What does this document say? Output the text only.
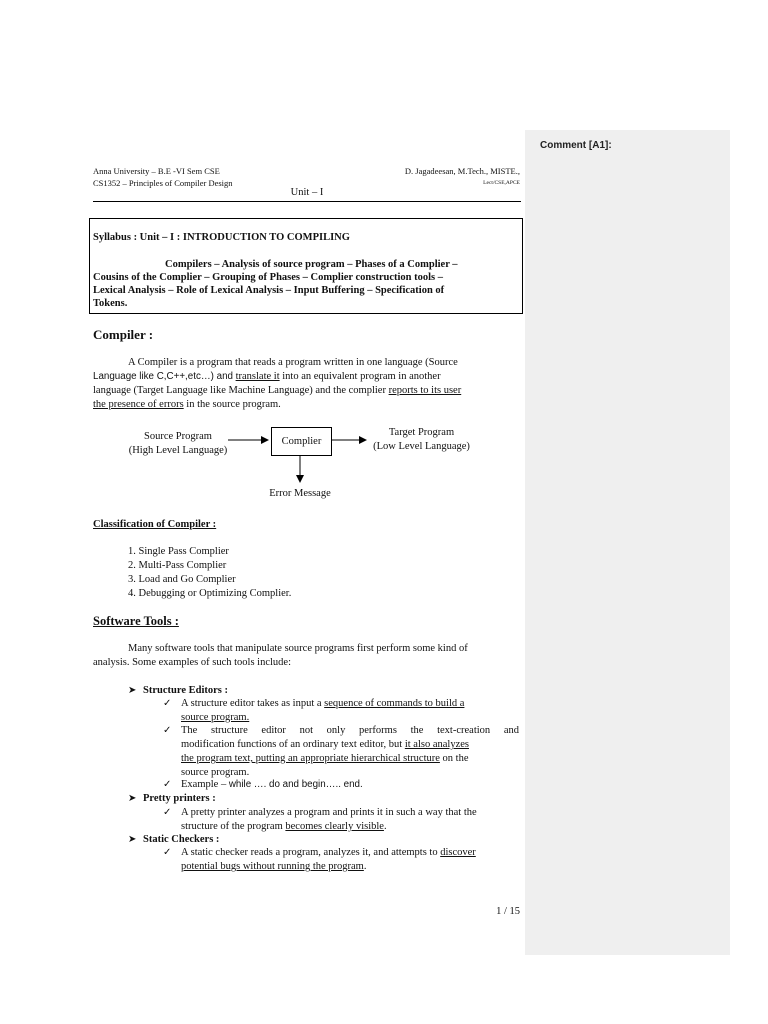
Comment [A1]:
Anna University – B.E -VI Sem CSE
CS1352 – Principles of Compiler Design
D. Jagadeesan, M.Tech., MISTE.,
Lect/CSE,APCE
Unit – I
Syllabus : Unit – I : INTRODUCTION TO COMPILING
Compilers – Analysis of source program – Phases of a Complier –
Cousins of the Complier – Grouping of Phases – Complier construction tools –
Lexical Analysis – Role of Lexical Analysis – Input Buffering – Specification of
Tokens.
Compiler :
A Compiler is a program that reads a program written in one language (Source
Language like C,C++,etc…) and translate it into an equivalent program in another
language (Target Language like Machine Language) and the complier reports to its user
the presence of errors in the source program.
Source Program
(High Level Language)
Complier
Target Program
(Low Level Language)
Error Message
Classification of Compiler :
1. Single Pass Complier
2. Multi-Pass Complier
3. Load and Go Complier
4. Debugging or Optimizing Complier.
Software Tools :
Many software tools that manipulate source programs first perform some kind of
analysis. Some examples of such tools include:
➤ Structure Editors :
✓ A structure editor takes as input a sequence of commands to build a
source program.
✓ The structure editor not only performs the text-creation and
modification functions of an ordinary text editor, but it also analyzes
the program text, putting an appropriate hierarchical structure on the
source program.
✓ Example – while …. do and begin….. end.
➤ Pretty printers :
✓ A pretty printer analyzes a program and prints it in such a way that the
structure of the program becomes clearly visible.
➤ Static Checkers :
✓ A static checker reads a program, analyzes it, and attempts to discover
potential bugs without running the program.
1 / 15
